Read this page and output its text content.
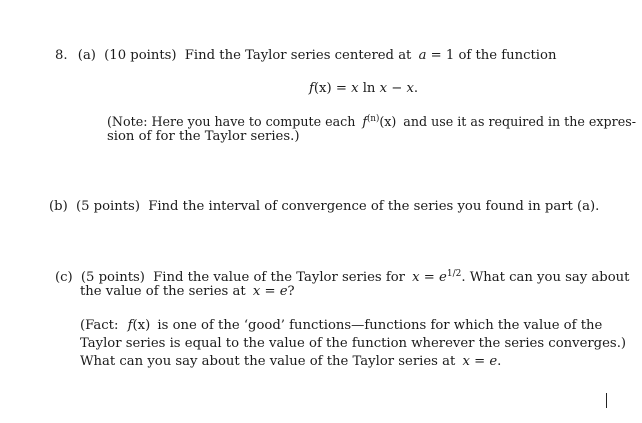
8. (a) (10 points) Find the Taylor series centered at a = 1 of the function
f(x) = x ln x − x.
(Note: Here you have to compute each $f^{(n)}(x)$ and use it as required in the expres-
sion of for the Taylor series.)
(b) (5 points) Find the interval of convergence of the series you found in part (a).
(c) (5 points) Find the value of the Taylor series for $x = e^{1/2}$. What can you say about
the value of the series at x = e?
(Fact: f(x) is one of the ‘good’ functions—functions for which the value of the
Taylor series is equal to the value of the function wherever the series converges.)
What can you say about the value of the Taylor series at x = e.
